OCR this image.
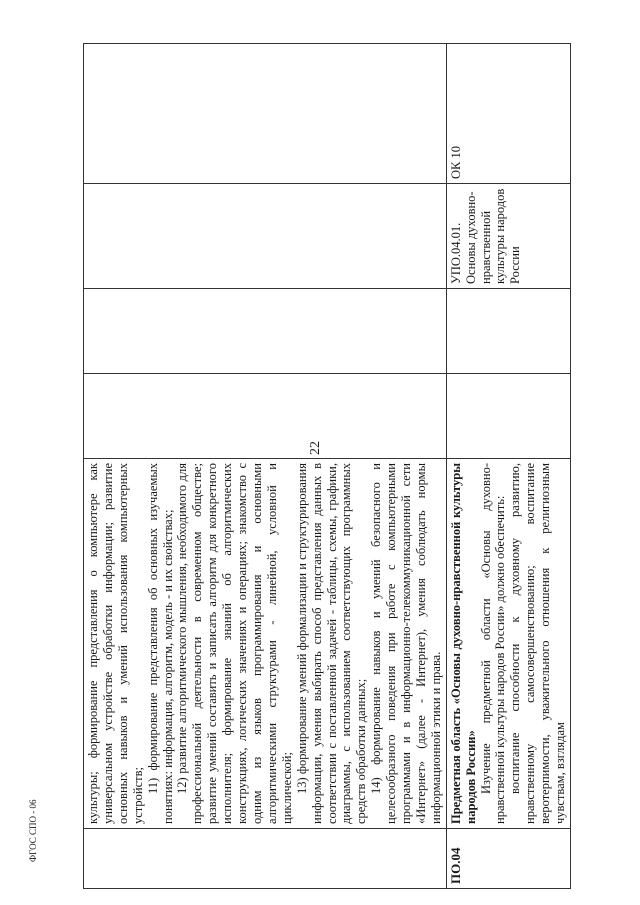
22
ФГОС СПО - 06

	культуры; формирование представления о компьютере как универсальном устройстве обработки информации; развитие основных навыков и умений использования компьютерных устройств;

11) формирование представления об основных изучаемых понятиях: информация, алгоритм, модель - и их свойствах; 12) развитие алгоритмического мышления, необходимого для профессиональной деятельности в современном обществе; развитие умений составить и записать алгоритм для конкретного исполнителя; формирование знаний об алгоритмических конструкциях, логических значениях и операциях; знакомство с одним из языков программирования и основными алгоритмическими структурами - линейной, условной и циклической; 13) формирование умений формализации и структурирования информации, умения выбирать способ представления данных в соответствии с поставленной задачей - таблицы, схемы, графики, диаграммы, с использованием соответствующих программных средств обработки данных; 14) формирование навыков и умений безопасного и целесообразного поведения при работе с компьютерными программами и в информационно-телекоммуникационной сети «Интернет» (далее - Интернет), умения соблюдать нормы информационной этики и права.				

ПО.04	Предметная область «Основы духовно-нравственной культуры народов России» Изучение предметной области «Основы духовно-нравственной культуры народов России» должно обеспечить: воспитание способности к духовному развитию, нравственному самосовершенствованию; воспитание веротерпимости, уважительного отношения к религиозным чувствам, взглядам			УПО.04.01. Основы духовно-нравственной культуры народов России	ОК 10
